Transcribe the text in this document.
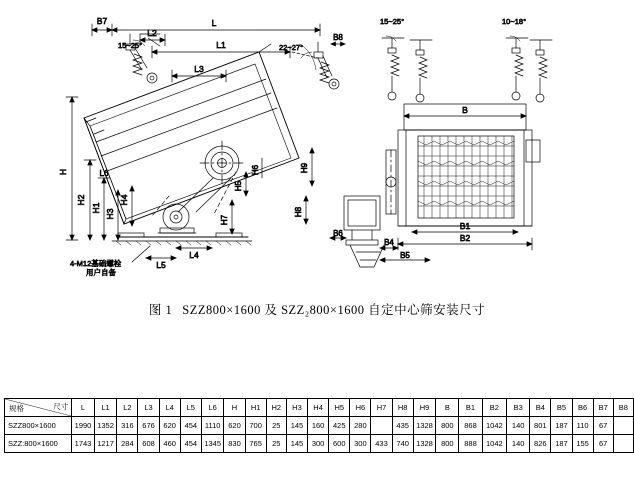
L
B7
L1
L2
L3
B8
4-M12基础螺栓
用户自备
15~25°	22~27°
H
H2
H1
H3
H4
H5
H6	H9
H8
H7
L4
L5
L6
15~25°	10~18°
B
B1
B2
B4
B5
B6
图 1 SZZ800×1600 及 SZZ₂800×1600 自定中心筛安装尺寸
尺寸
规格	L	L1	L2	L3	L4	L5	L6	H	H1	H2	H3	H4	H5	H6	H7	H8	H9	B	B1	B2	B3	B4	B5	B6	B7	B8
SZZ800×1600	1990	1352	316	676	620	454	1110	620	700	25	145	160	425	280		435	1328	800	868	1042	140	801	187	110	67	
SZZ:800×1600	1743	1217	284	608	460	454	1345	830	765	25	145	300	600	300	433	740	1328	800	888	1042	140	826	187	155	67	
